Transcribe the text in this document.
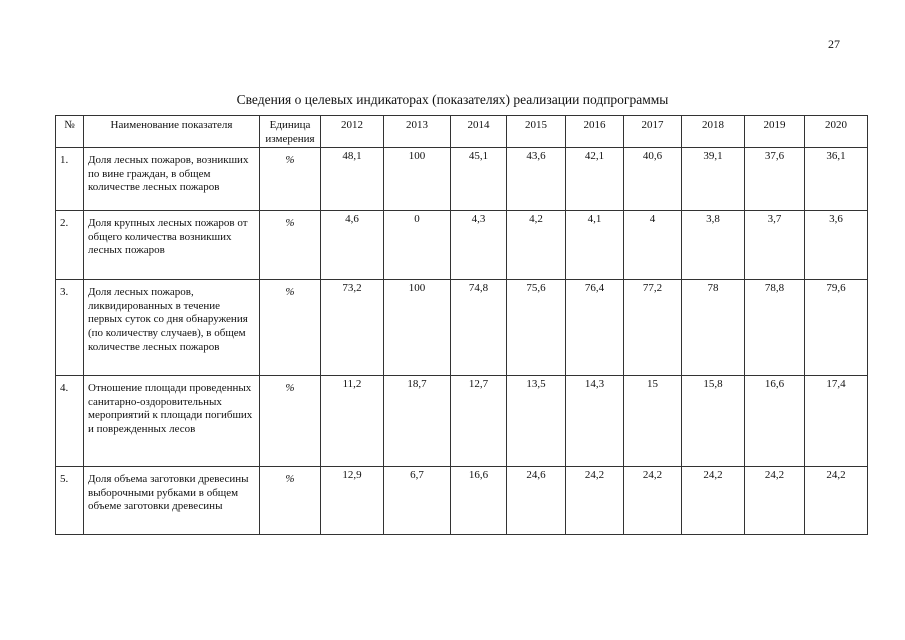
27
Сведения о целевых индикаторах (показателях) реализации подпрограммы
№	Наименование показателя	Единица измерения	2012	2013	2014	2015	2016	2017	2018	2019	2020
1.	Доля лесных пожаров, возникших по вине граждан, в общем количестве лесных пожаров	%	48,1	100	45,1	43,6	42,1	40,6	39,1	37,6	36,1
2.	Доля крупных лесных пожаров от общего количества возникших лесных пожаров	%	4,6	0	4,3	4,2	4,1	4	3,8	3,7	3,6
3.	Доля лесных пожаров, ликвидированных в течение первых суток со дня обнаружения (по количеству случаев), в общем количестве лесных пожаров	%	73,2	100	74,8	75,6	76,4	77,2	78	78,8	79,6
4.	Отношение площади проведенных санитарно-оздоровительных мероприятий к площади погибших и поврежденных лесов	%	11,2	18,7	12,7	13,5	14,3	15	15,8	16,6	17,4
5.	Доля объема заготовки древесины выборочными рубками в общем объеме заготовки древесины	%	12,9	6,7	16,6	24,6	24,2	24,2	24,2	24,2	24,2
